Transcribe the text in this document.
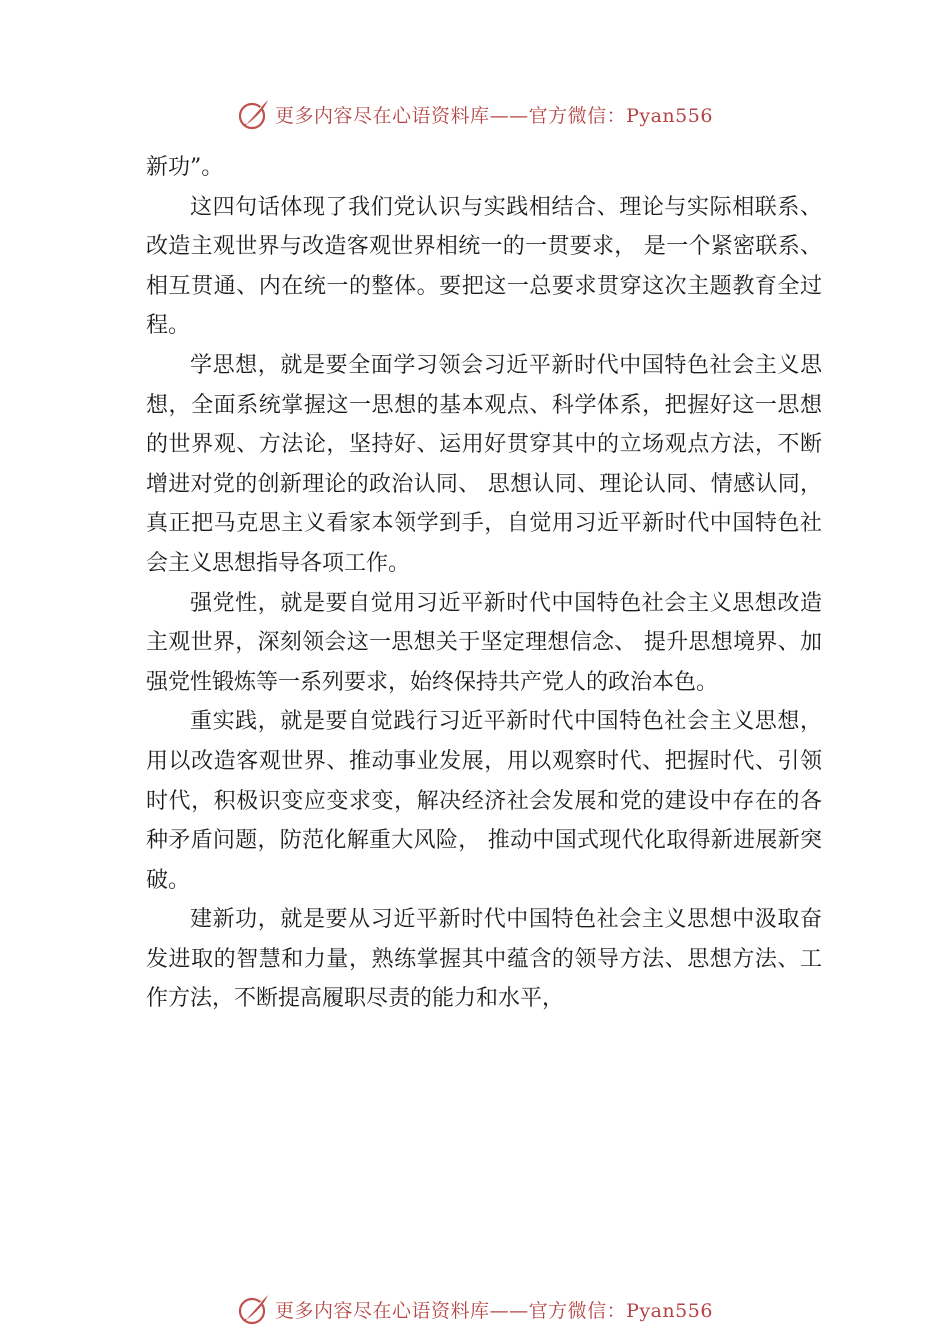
更多内容尽在心语资料库——官方微信：Pyan556

新功”。

这四句话体现了我们党认识与实践相结合、理论与实际相联系、改造主观世界与改造客观世界相统一的一贯要求， 是一个紧密联系、相互贯通、内在统一的整体。要把这一总要求贯穿这次主题教育全过程。

学思想，就是要全面学习领会习近平新时代中国特色社会主义思想，全面系统掌握这一思想的基本观点、科学体系，把握好这一思想的世界观、方法论，坚持好、运用好贯穿其中的立场观点方法，不断增进对党的创新理论的政治认同、 思想认同、理论认同、情感认同，真正把马克思主义看家本领学到手，自觉用习近平新时代中国特色社会主义思想指导各项工作。

强党性，就是要自觉用习近平新时代中国特色社会主义思想改造主观世界，深刻领会这一思想关于坚定理想信念、 提升思想境界、加强党性锻炼等一系列要求，始终保持共产党人的政治本色。

重实践，就是要自觉践行习近平新时代中国特色社会主义思想，用以改造客观世界、推动事业发展，用以观察时代、把握时代、引领时代，积极识变应变求变，解决经济社会发展和党的建设中存在的各种矛盾问题，防范化解重大风险， 推动中国式现代化取得新进展新突破。

建新功，就是要从习近平新时代中国特色社会主义思想中汲取奋发进取的智慧和力量，熟练掌握其中蕴含的领导方法、思想方法、工作方法，不断提高履职尽责的能力和水平，

更多内容尽在心语资料库——官方微信：Pyan556
